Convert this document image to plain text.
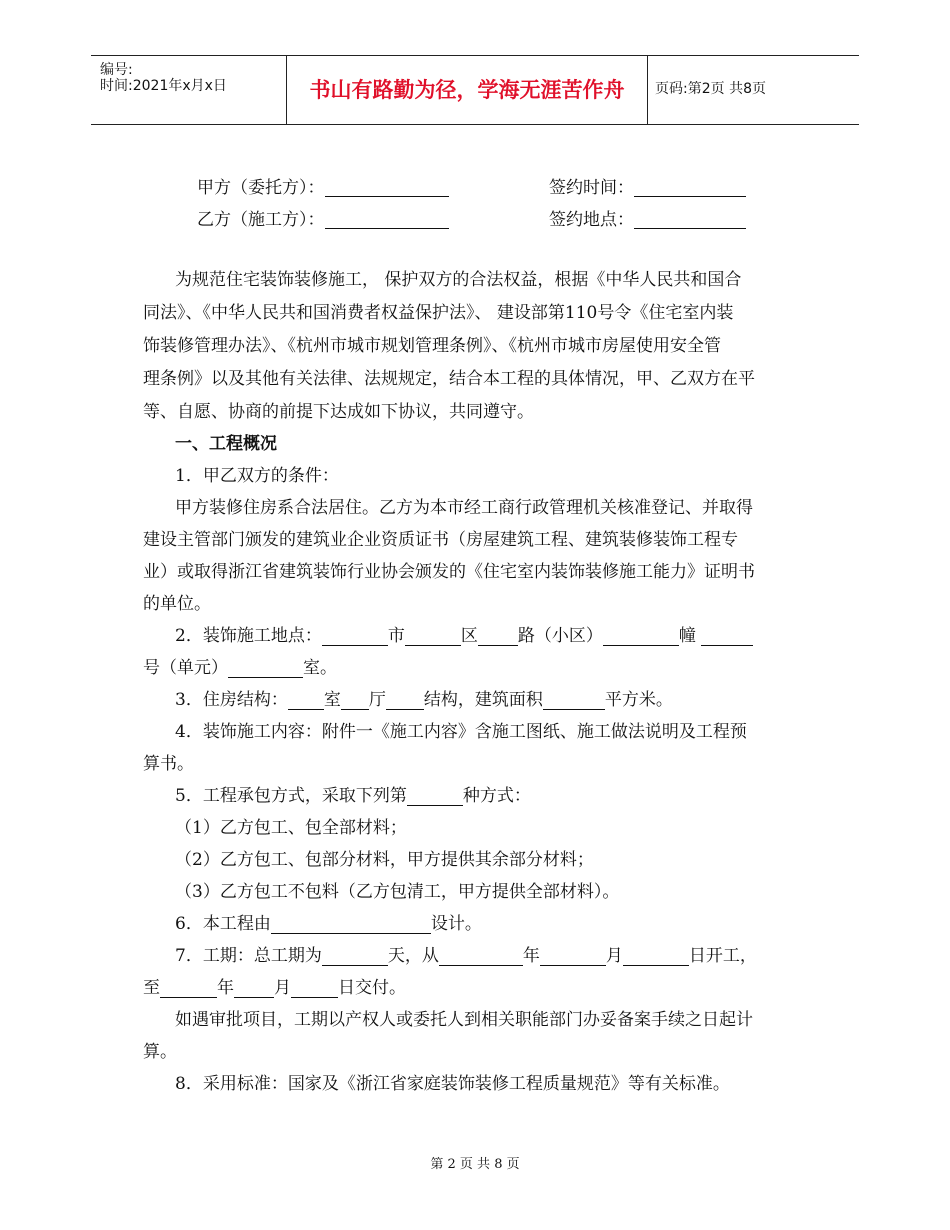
编号:
时间:2021年x月x日	书山有路勤为径，学海无涯苦作舟	页码:第2页 共8页
甲方（委托方）：	签约时间：
乙方（施工方）：	签约地点：
为规范住宅装饰装修施工， 保护双方的合法权益，根据《中华人民共和国合
同法》、《中华人民共和国消费者权益保护法》、 建设部第110号令《住宅室内装
饰装修管理办法》、《杭州市城市规划管理条例》、《杭州市城市房屋使用安全管
理条例》以及其他有关法律、法规规定，结合本工程的具体情况，甲、乙双方在平
等、自愿、协商的前提下达成如下协议，共同遵守。
一、工程概况
1．甲乙双方的条件：
甲方装修住房系合法居住。乙方为本市经工商行政管理机关核准登记、并取得
建设主管部门颁发的建筑业企业资质证书（房屋建筑工程、建筑装修装饰工程专
业）或取得浙江省建筑装饰行业协会颁发的《住宅室内装饰装修施工能力》证明书
的单位。
2．装饰施工地点：	市	区 路（小区）	幢
号（单元）	室。
3．住房结构： 室 厅 结构，建筑面积	平方米。
4．装饰施工内容：附件一《施工内容》含施工图纸、施工做法说明及工程预
算书。
5．工程承包方式，采取下列第	种方式：
（1）乙方包工、包全部材料；
（2）乙方包工、包部分材料，甲方提供其余部分材料；
（3）乙方包工不包料（乙方包清工，甲方提供全部材料）。
6．本工程由	设计。
7．工期：总工期为	天，从	年	月	日开工，
至	年 月	日交付。
如遇审批项目，工期以产权人或委托人到相关职能部门办妥备案手续之日起计
算。
8．采用标准：国家及《浙江省家庭装饰装修工程质量规范》等有关标准。
第 2 页 共 8 页
